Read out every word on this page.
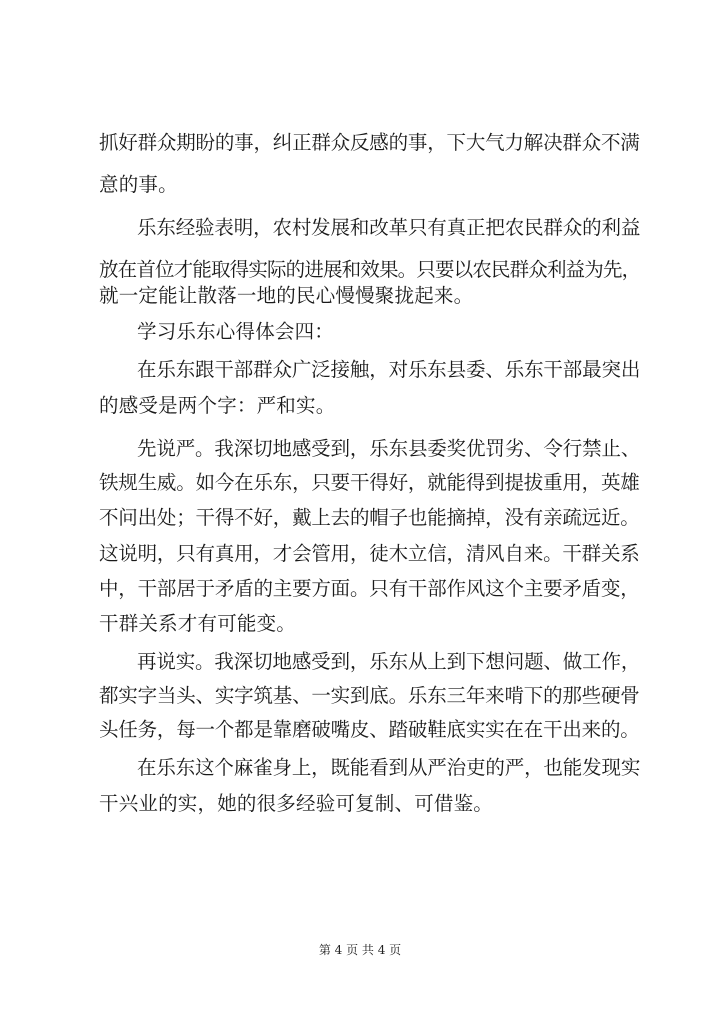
抓好群众期盼的事，纠正群众反感的事，下大气力解决群众不满
意的事。
乐东经验表明，农村发展和改革只有真正把农民群众的利益
放在首位才能取得实际的进展和效果。只要以农民群众利益为先，
就一定能让散落一地的民心慢慢聚拢起来。
学习乐东心得体会四：
在乐东跟干部群众广泛接触，对乐东县委、乐东干部最突出
的感受是两个字：严和实。
先说严。我深切地感受到，乐东县委奖优罚劣、令行禁止、
铁规生威。如今在乐东，只要干得好，就能得到提拔重用，英雄
不问出处；干得不好，戴上去的帽子也能摘掉，没有亲疏远近。
这说明，只有真用，才会管用，徒木立信，清风自来。干群关系
中，干部居于矛盾的主要方面。只有干部作风这个主要矛盾变，
干群关系才有可能变。
再说实。我深切地感受到，乐东从上到下想问题、做工作，
都实字当头、实字筑基、一实到底。乐东三年来啃下的那些硬骨
头任务，每一个都是靠磨破嘴皮、踏破鞋底实实在在干出来的。
在乐东这个麻雀身上，既能看到从严治吏的严，也能发现实
干兴业的实，她的很多经验可复制、可借鉴。
第 4 页 共 4 页
